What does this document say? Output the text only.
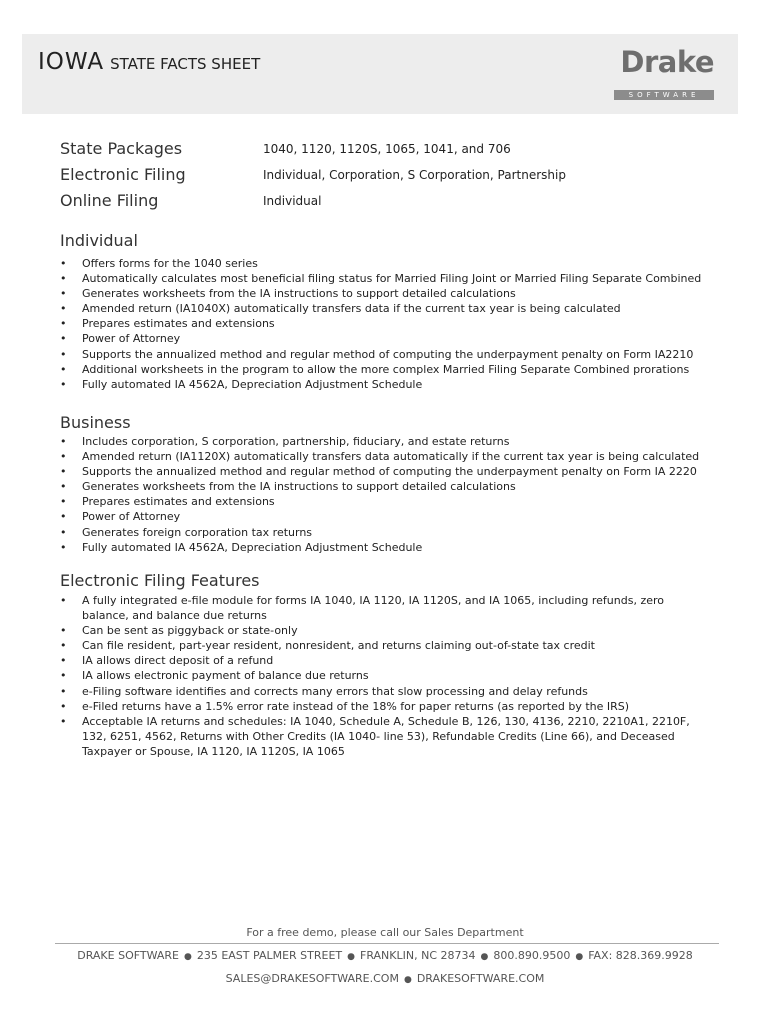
IOWA STATE FACTS SHEET	Drake
SOFTWARE
State Packages	1040, 1120, 1120S, 1065, 1041, and 706
Electronic Filing	Individual, Corporation, S Corporation, Partnership
Online Filing	Individual
Individual
• Offers forms for the 1040 series
• Automatically calculates most beneficial filing status for Married Filing Joint or Married Filing Separate Combined
• Generates worksheets from the IA instructions to support detailed calculations
• Amended return (IA1040X) automatically transfers data if the current tax year is being calculated
• Prepares estimates and extensions
• Power of Attorney
• Supports the annualized method and regular method of computing the underpayment penalty on Form IA2210
• Additional worksheets in the program to allow the more complex Married Filing Separate Combined prorations
• Fully automated IA 4562A, Depreciation Adjustment Schedule
Business
• Includes corporation, S corporation, partnership, fiduciary, and estate returns
• Amended return (IA1120X) automatically transfers data automatically if the current tax year is being calculated
• Supports the annualized method and regular method of computing the underpayment penalty on Form IA 2220
• Generates worksheets from the IA instructions to support detailed calculations
• Prepares estimates and extensions
• Power of Attorney
• Generates foreign corporation tax returns
• Fully automated IA 4562A, Depreciation Adjustment Schedule
Electronic Filing Features
• A fully integrated e-file module for forms IA 1040, IA 1120, IA 1120S, and IA 1065, including refunds, zero balance, and balance due returns
• Can be sent as piggyback or state-only
• Can file resident, part-year resident, nonresident, and returns claiming out-of-state tax credit
• IA allows direct deposit of a refund
• IA allows electronic payment of balance due returns
• e-Filing software identifies and corrects many errors that slow processing and delay refunds
• e-Filed returns have a 1.5% error rate instead of the 18% for paper returns (as reported by the IRS)
• Acceptable IA returns and schedules: IA 1040, Schedule A, Schedule B, 126, 130, 4136, 2210, 2210A1, 2210F, 132, 6251, 4562, Returns with Other Credits (IA 1040- line 53), Refundable Credits (Line 66), and Deceased Taxpayer or Spouse, IA 1120, IA 1120S, IA 1065
For a free demo, please call our Sales Department
DRAKE SOFTWARE ● 235 EAST PALMER STREET ● FRANKLIN, NC 28734 ● 800.890.9500 ● FAX: 828.369.9928
SALES@DRAKESOFTWARE.COM ● DRAKESOFTWARE.COM
